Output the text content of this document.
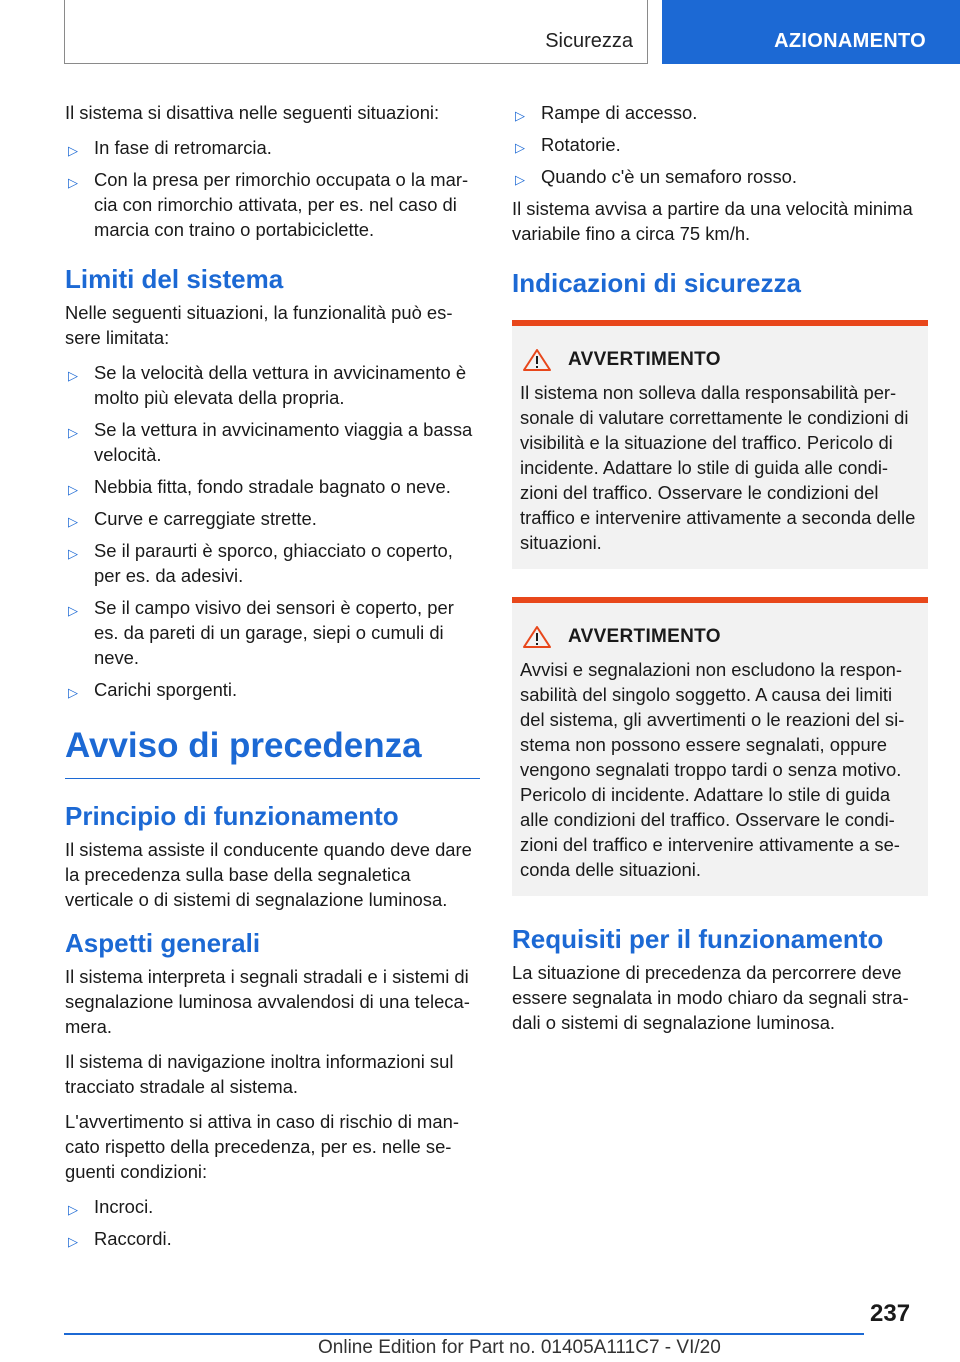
Sicurezza	AZIONAMENTO

Il sistema si disattiva nelle seguenti situazioni:

▷ In fase di retromarcia.
▷ Con la presa per rimorchio occupata o la mar-cia con rimorchio attivata, per es. nel caso di marcia con traino o portabiciclette.
Limiti del sistema

Nelle seguenti situazioni, la funzionalità può es-sere limitata:

▷ Se la velocità della vettura in avvicinamento è molto più elevata della propria.
▷ Se la vettura in avvicinamento viaggia a bassa velocità.
▷ Nebbia fitta, fondo stradale bagnato o neve.
▷ Curve e carreggiate strette.
▷ Se il paraurti è sporco, ghiacciato o coperto, per es. da adesivi.
▷ Se il campo visivo dei sensori è coperto, per es. da pareti di un garage, siepi o cumuli di neve.
▷ Carichi sporgenti.
Avviso di precedenza
Principio di funzionamento

Il sistema assiste il conducente quando deve dare la precedenza sulla base della segnaletica verticale o di sistemi di segnalazione luminosa.

Aspetti generali

Il sistema interpreta i segnali stradali e i sistemi di segnalazione luminosa avvalendosi di una teleca-mera.

Il sistema di navigazione inoltra informazioni sul tracciato stradale al sistema.

L'avvertimento si attiva in caso di rischio di man-cato rispetto della precedenza, per es. nelle se-guenti condizioni:

▷ Incroci.
▷ Raccordi.
▷ Rampe di accesso.
▷ Rotatorie.
▷ Quando c'è un semaforo rosso.

Il sistema avvisa a partire da una velocità minima variabile fino a circa 75 km/h.

Indicazioni di sicurezza
AVVERTIMENTO

Il sistema non solleva dalla responsabilità per-sonale di valutare correttamente le condizioni di visibilità e la situazione del traffico. Pericolo di incidente. Adattare lo stile di guida alle condi-zioni del traffico. Osservare le condizioni del traffico e intervenire attivamente a seconda delle situazioni.

AVVERTIMENTO

Avvisi e segnalazioni non escludono la respon-sabilità del singolo soggetto. A causa dei limiti del sistema, gli avvertimenti o le reazioni del si-stema non possono essere segnalati, oppure vengono segnalati troppo tardi o senza motivo. Pericolo di incidente. Adattare lo stile di guida alle condizioni del traffico. Osservare le condi-zioni del traffico e intervenire attivamente a se-conda delle situazioni.

Requisiti per il funzionamento

La situazione di precedenza da percorrere deve essere segnalata in modo chiaro da segnali stra-dali o sistemi di segnalazione luminosa.

237
Online Edition for Part no. 01405A111C7 - VI/20
